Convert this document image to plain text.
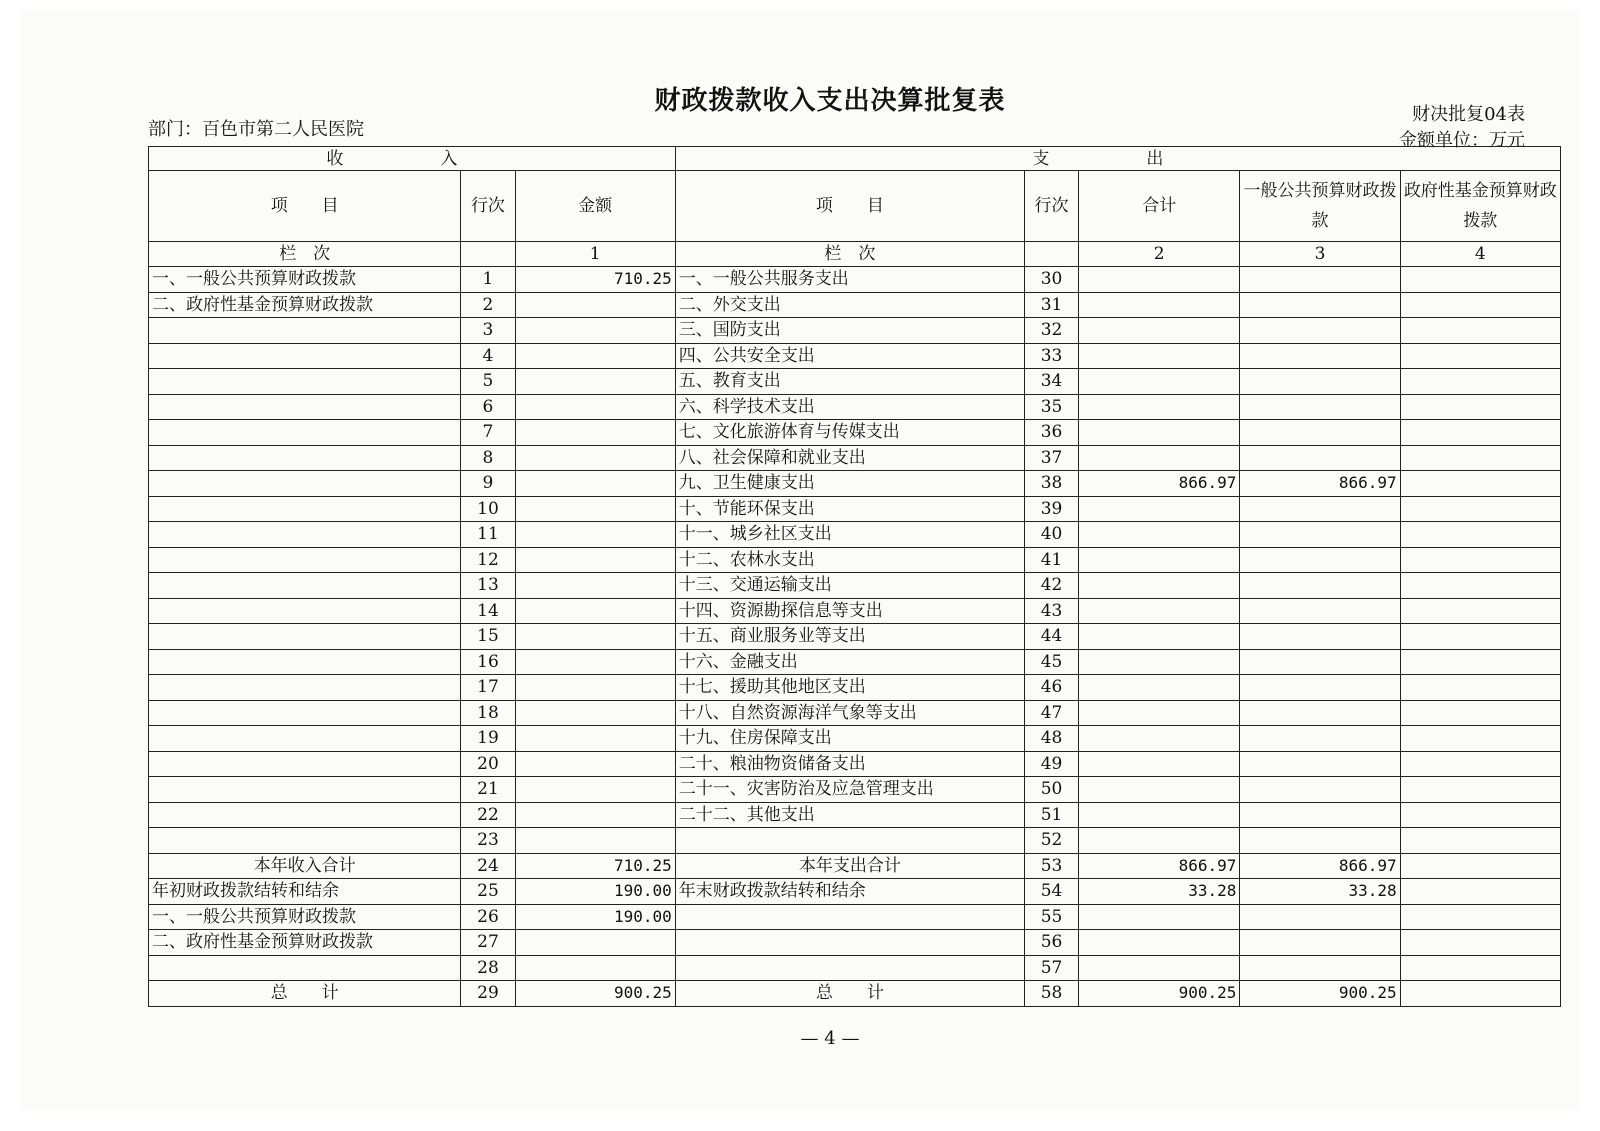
财政拨款收入支出决算批复表
部门：百色市第二人民医院
财决批复04表
金额单位：万元
收　入			支　出				
项　　目	行次	金额	项　　目	行次	合计	一般公共预算财政拨款	政府性基金预算财政拨款
栏　次		1	栏　次		2	3	4
一、一般公共预算财政拨款	1	710.25	一、一般公共服务支出	30			
二、政府性基金预算财政拨款	2		二、外交支出	31			
	3		三、国防支出	32			
	4		四、公共安全支出	33			
	5		五、教育支出	34			
	6		六、科学技术支出	35			
	7		七、文化旅游体育与传媒支出	36			
	8		八、社会保障和就业支出	37			
	9		九、卫生健康支出	38	866.97	866.97	
	10		十、节能环保支出	39			
	11		十一、城乡社区支出	40			
	12		十二、农林水支出	41			
	13		十三、交通运输支出	42			
	14		十四、资源勘探信息等支出	43			
	15		十五、商业服务业等支出	44			
	16		十六、金融支出	45			
	17		十七、援助其他地区支出	46			
	18		十八、自然资源海洋气象等支出	47			
	19		十九、住房保障支出	48			
	20		二十、粮油物资储备支出	49			
	21		二十一、灾害防治及应急管理支出	50			
	22		二十二、其他支出	51			
	23			52			
本年收入合计	24	710.25	本年支出合计	53	866.97	866.97	
年初财政拨款结转和结余	25	190.00	年末财政拨款结转和结余	54	33.28	33.28	
一、一般公共预算财政拨款	26	190.00		55			
二、政府性基金预算财政拨款	27			56			
	28			57			
总　　计	29	900.25	总　　计	58	900.25	900.25	
— 4 —
